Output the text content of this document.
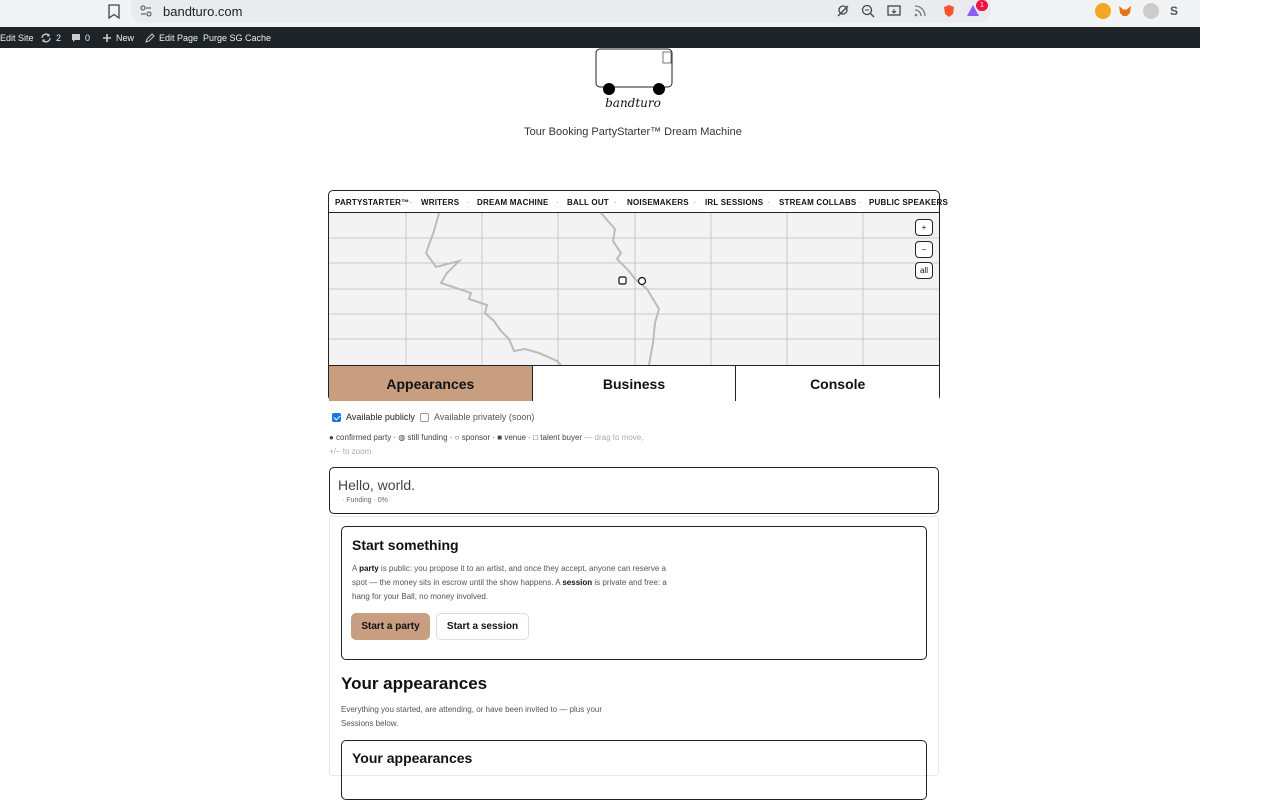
bandturo.com	1	S
Edit Site 2	0	New	Edit Page Purge SG Cache
bandturo
Tour Booking PartyStarter™ Dream Machine
PARTYSTARTER™ · WRITERS · DREAM MACHINE · BALL OUT · NOISEMAKERS · IRL SESSIONS · STREAM COLLABS · PUBLIC SPEAKERS
+
−
all
Appearances	Business	Console
Available publicly Available privately (soon)
● confirmed party · ◍ still funding · ○ sponsor · ■ venue · □ talent buyer — drag to move,
+/− to zoom
Hello, world.
· Funding · 0%
Start something
A party is public: you propose it to an artist, and once they accept, anyone can reserve a spot — the money sits in escrow until the show happens. A session is private and free: a hang for your Ball, no money involved.
Start a party	Start a session
Your appearances
Everything you started, are attending, or have been invited to — plus your Sessions below.
Your appearances
